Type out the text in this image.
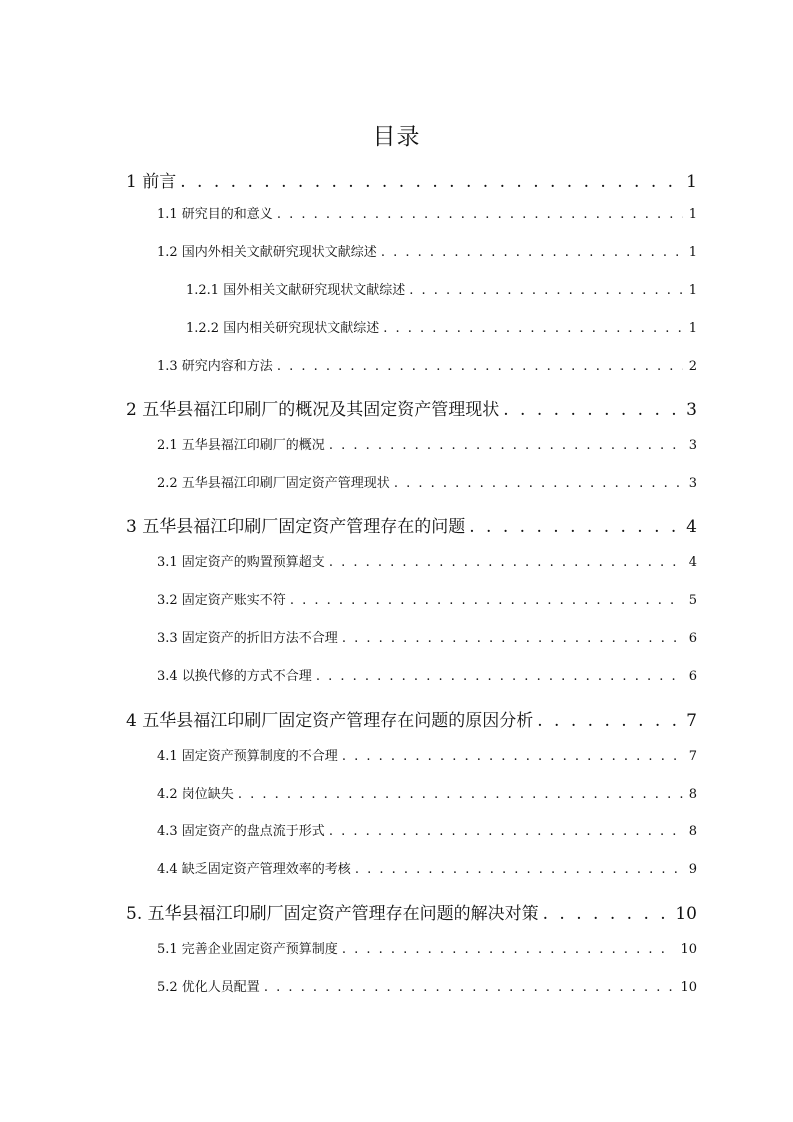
目录
1 前言 . . .	1
1.1 研究目的和意义 . . .	1
1.2 国内外相关文献研究现状文献综述 . . .	1
1.2.1 国外相关文献研究现状文献综述 . . .	1
1.2.2 国内相关研究现状文献综述 . . .	1
1.3 研究内容和方法 . . .	2
2 五华县福江印刷厂的概况及其固定资产管理现状 . . .	3
2.1 五华县福江印刷厂的概况 . . .	3
2.2 五华县福江印刷厂固定资产管理现状 . . .	3
3 五华县福江印刷厂固定资产管理存在的问题 . . .	4
3.1 固定资产的购置预算超支 . . .	4
3.2 固定资产账实不符 . . .	5
3.3 固定资产的折旧方法不合理 . . .	6
3.4 以换代修的方式不合理 . . .	6
4 五华县福江印刷厂固定资产管理存在问题的原因分析 . . .	7
4.1 固定资产预算制度的不合理 . . .	7
4.2 岗位缺失 . . .	8
4.3 固定资产的盘点流于形式 . . .	8
4.4 缺乏固定资产管理效率的考核 . . .	9
5. 五华县福江印刷厂固定资产管理存在问题的解决对策 . . .	10
5.1 完善企业固定资产预算制度 . . .	10
5.2 优化人员配置 . . .	10
